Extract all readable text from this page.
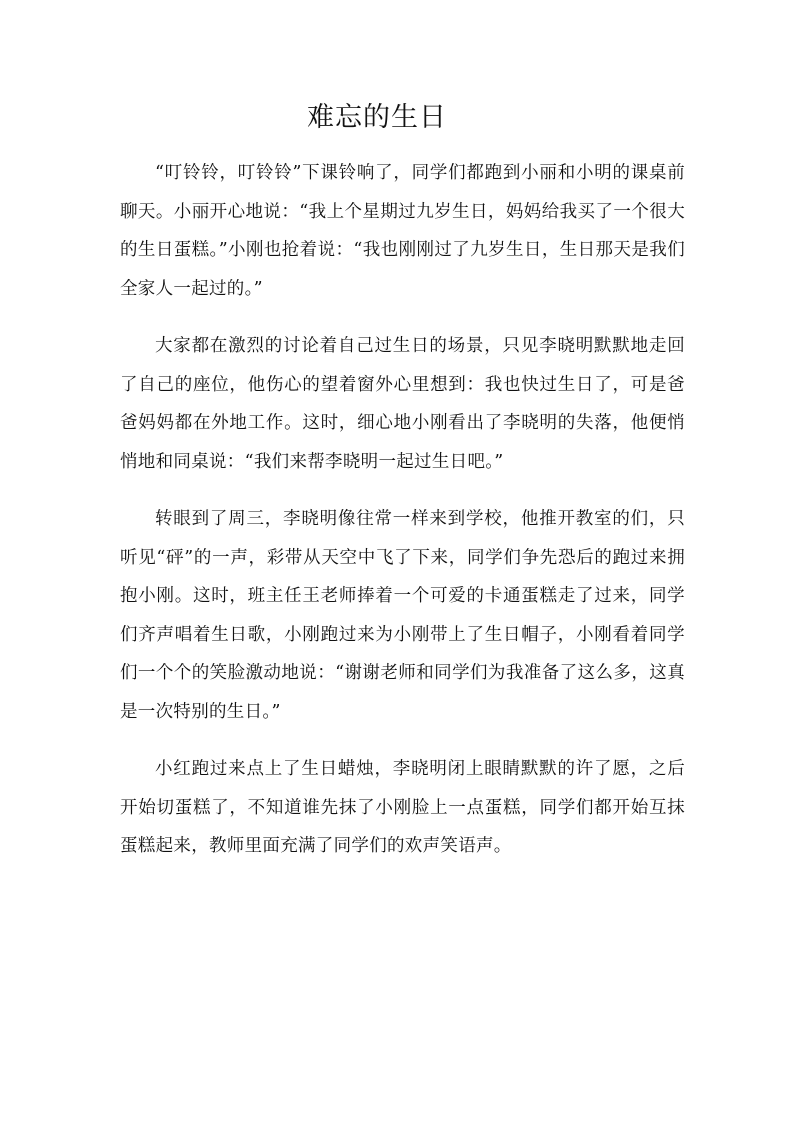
难忘的生日

“叮铃铃，叮铃铃”下课铃响了，同学们都跑到小丽和小明的课桌前聊天。小丽开心地说：“我上个星期过九岁生日，妈妈给我买了一个很大的生日蛋糕。”小刚也抢着说：“我也刚刚过了九岁生日，生日那天是我们全家人一起过的。”

大家都在激烈的讨论着自己过生日的场景，只见李晓明默默地走回了自己的座位，他伤心的望着窗外心里想到：我也快过生日了，可是爸爸妈妈都在外地工作。这时，细心地小刚看出了李晓明的失落，他便悄悄地和同桌说：“我们来帮李晓明一起过生日吧。”

转眼到了周三，李晓明像往常一样来到学校，他推开教室的们，只听见“砰”的一声，彩带从天空中飞了下来，同学们争先恐后的跑过来拥抱小刚。这时，班主任王老师捧着一个可爱的卡通蛋糕走了过来，同学们齐声唱着生日歌，小刚跑过来为小刚带上了生日帽子，小刚看着同学们一个个的笑脸激动地说：“谢谢老师和同学们为我准备了这么多，这真是一次特别的生日。”

小红跑过来点上了生日蜡烛，李晓明闭上眼睛默默的许了愿，之后开始切蛋糕了，不知道谁先抹了小刚脸上一点蛋糕，同学们都开始互抹蛋糕起来，教师里面充满了同学们的欢声笑语声。
